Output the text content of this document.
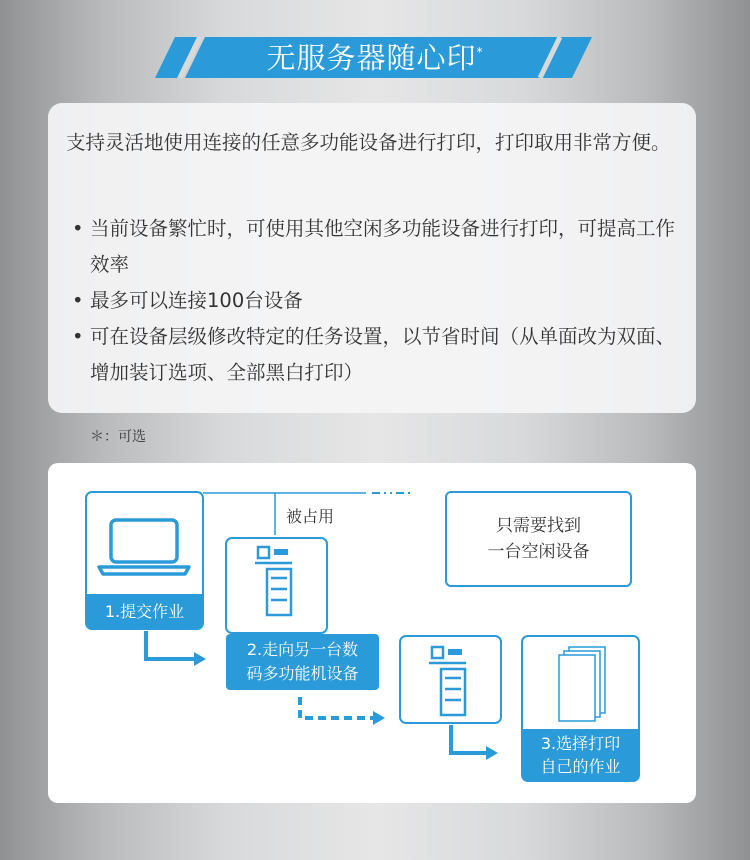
无服务器随心印*
支持灵活地使用连接的任意多功能设备进行打印，打印取用非常方便。
• 当前设备繁忙时，可使用其他空闲多功能设备进行打印，可提高工作效率
• 最多可以连接100台设备
• 可在设备层级修改特定的任务设置，以节省时间（从单面改为双面、增加装订选项、全部黑白打印）
＊：可选
被占用	只需要找到
一台空闲设备
1.提交作业
2.走向另一台数
码多功能机设备
3.选择打印
自己的作业
